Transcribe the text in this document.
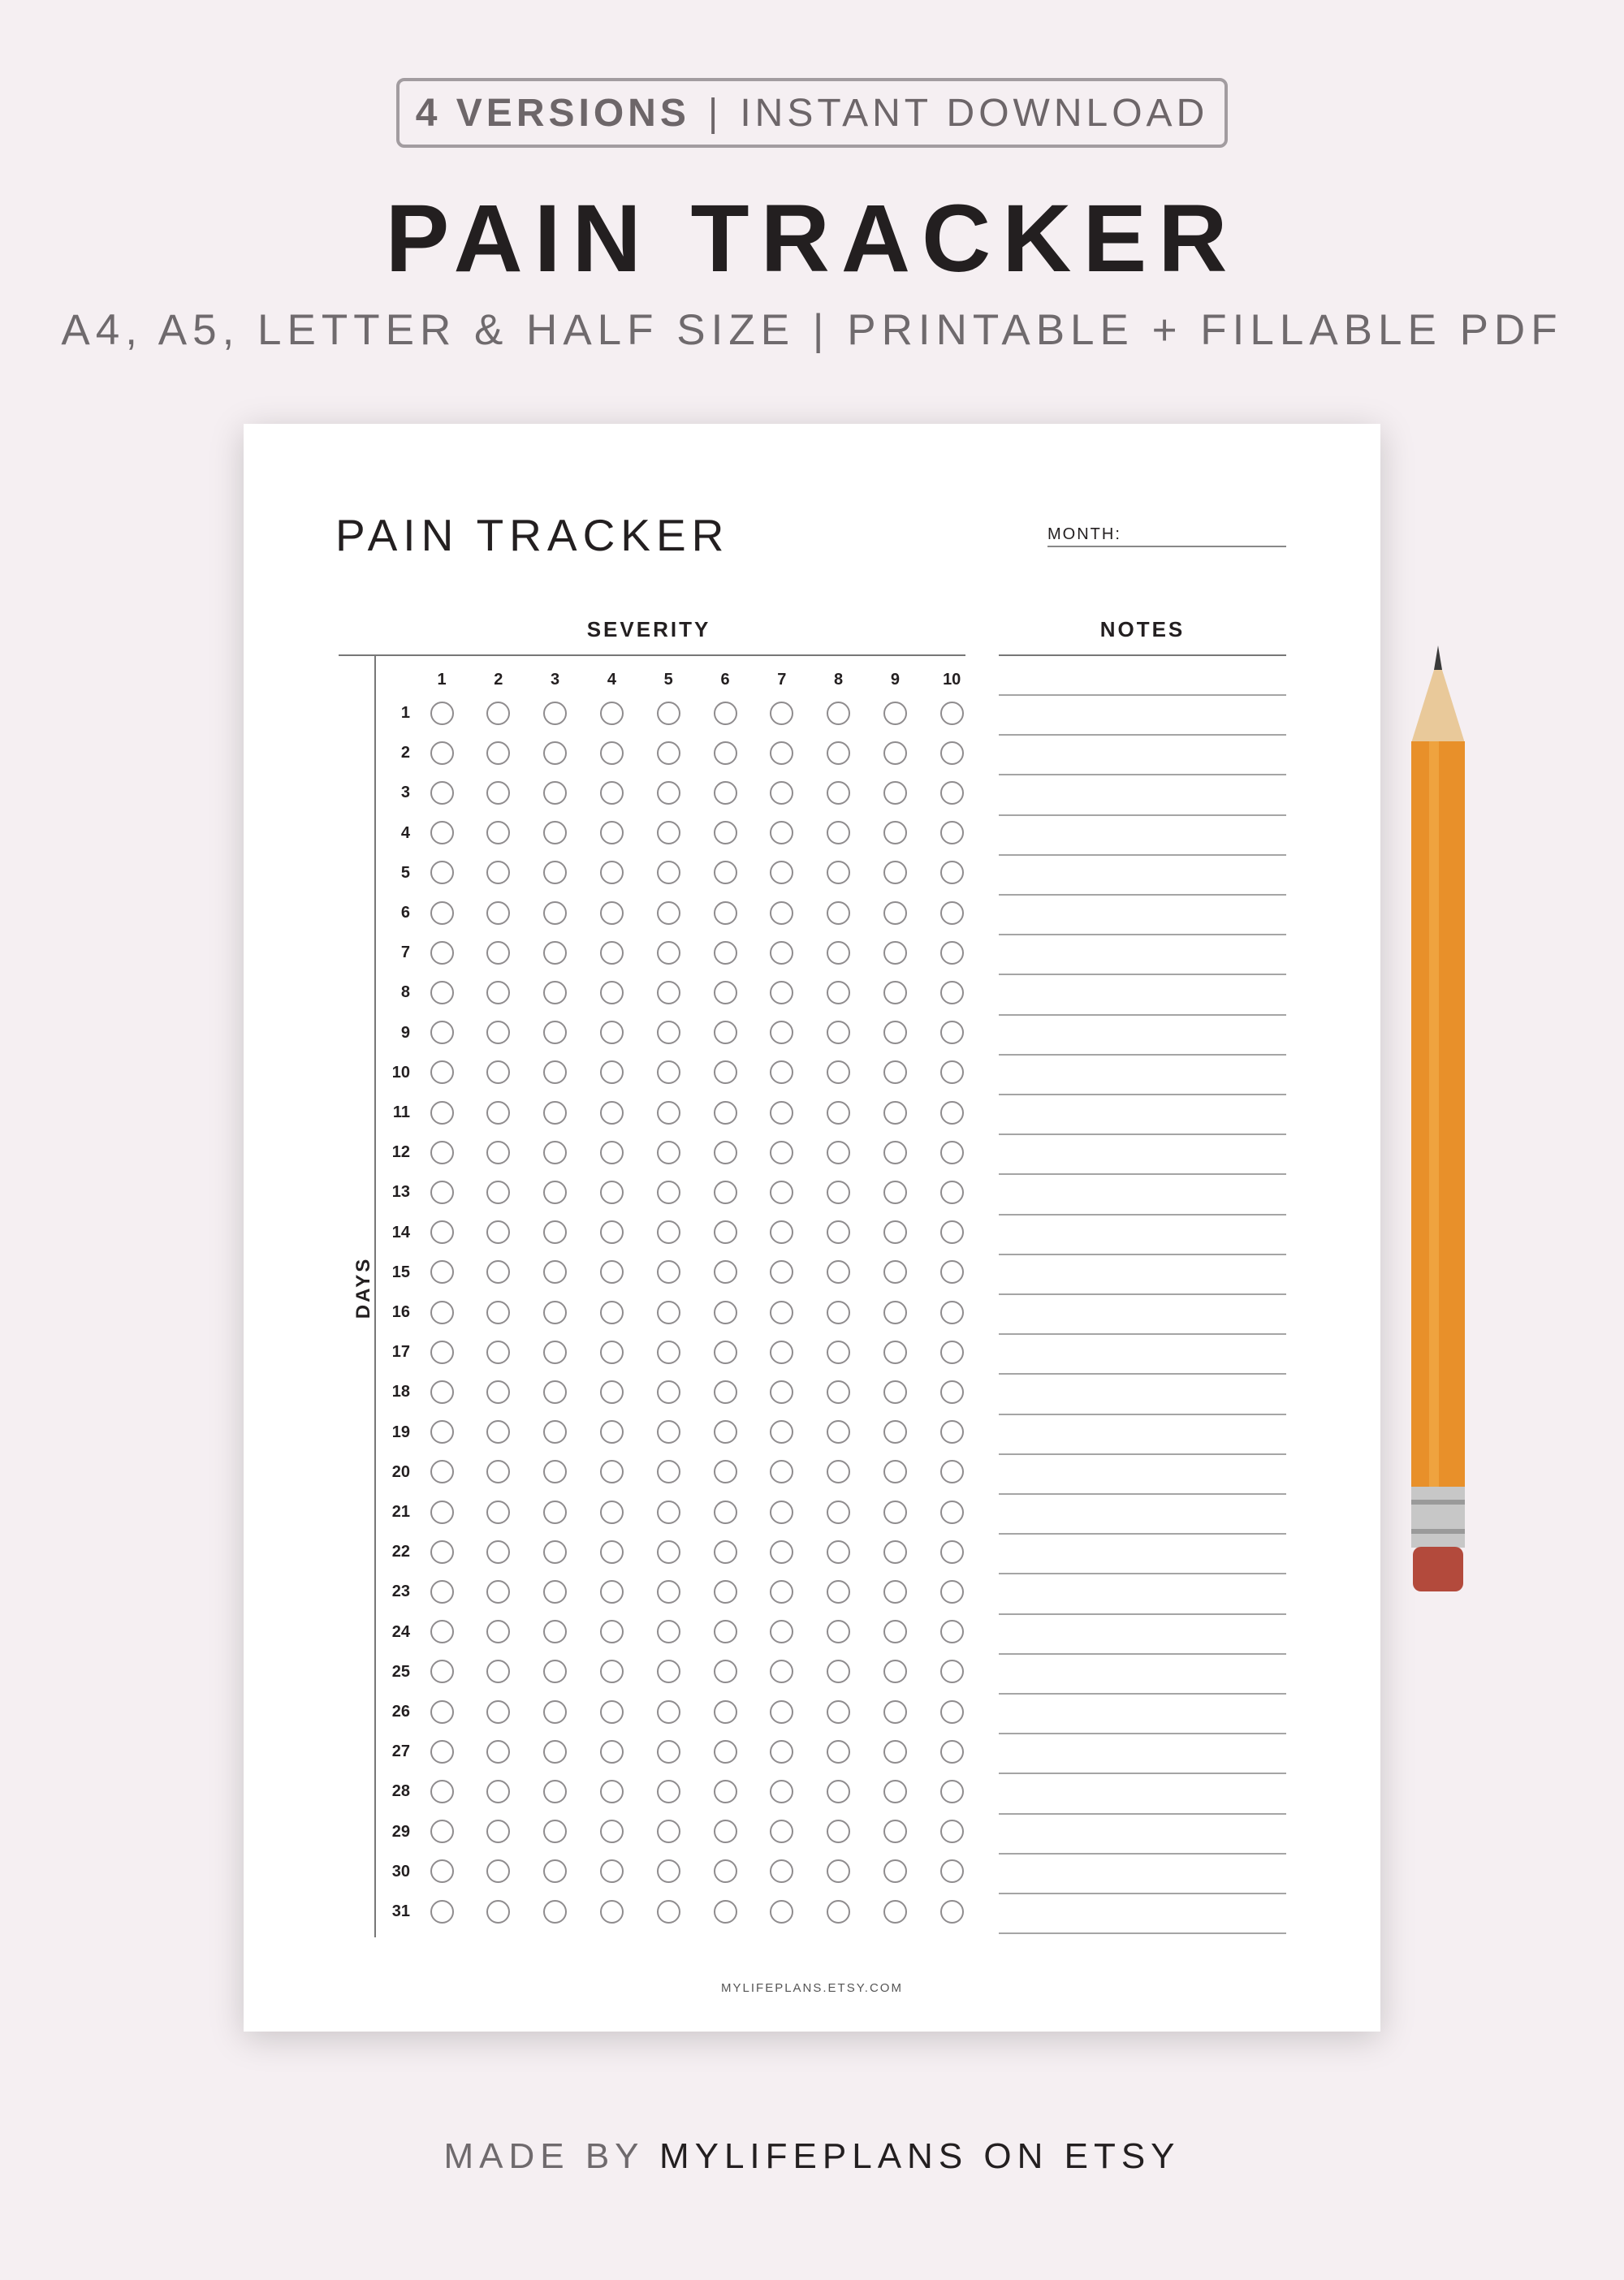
4 VERSIONS | INSTANT DOWNLOAD
PAIN TRACKER
A4, A5, LETTER & HALF SIZE | PRINTABLE + FILLABLE PDF
PAIN TRACKER	MONTH:
SEVERITY	NOTES
DAYS
1	2	3	4	5	6	7	8	9	10
1
2
3
4
5
6
7
8
9
10
11
12
13
14
15
16
17
18
19
20
21
22
23
24
25
26
27
28
29
30
31
MYLIFEPLANS.ETSY.COM
MADE BY MYLIFEPLANS ON ETSY
